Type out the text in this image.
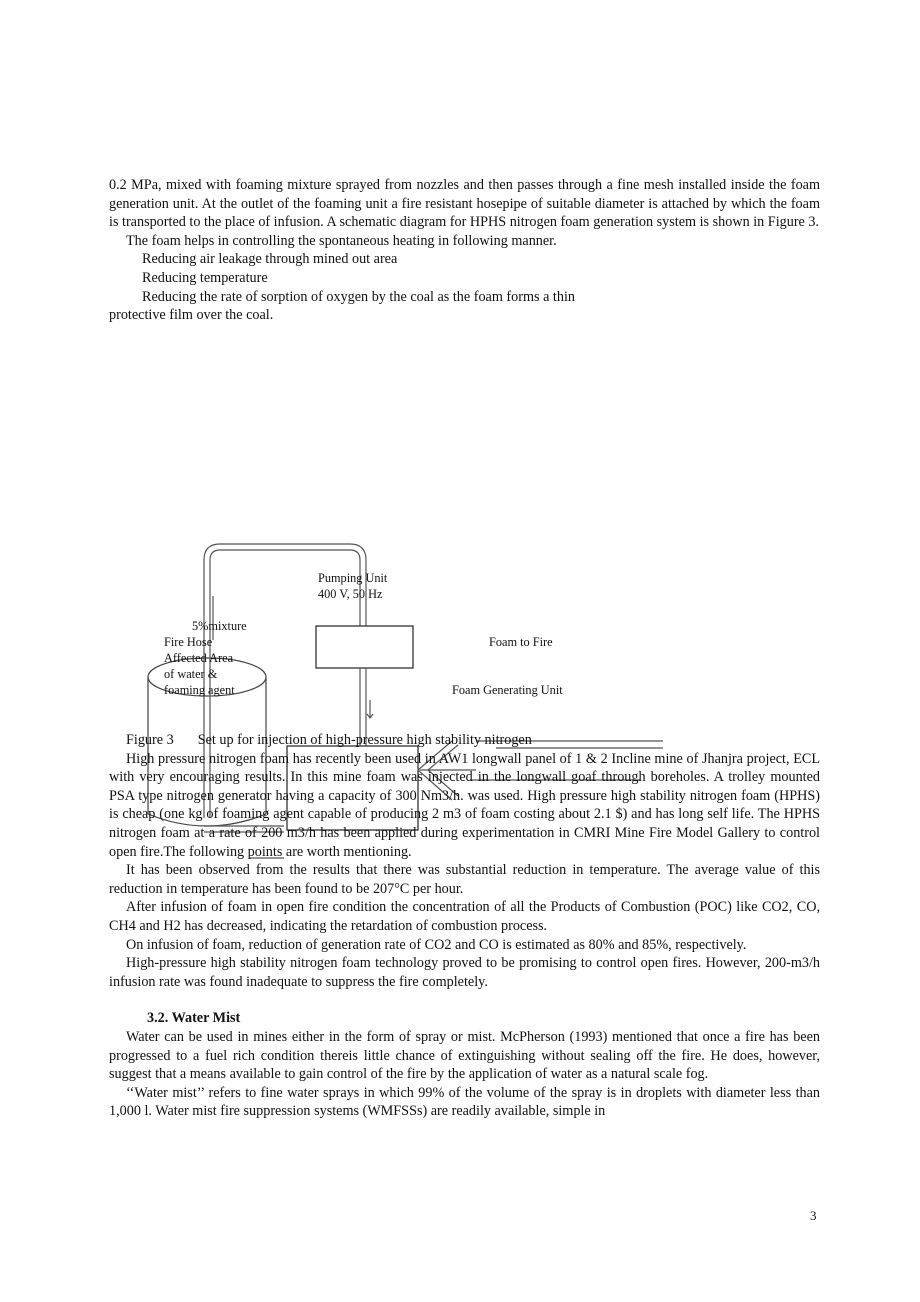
0.2 MPa, mixed with foaming mixture sprayed from nozzles and then passes through a fine mesh installed inside the foam generation unit. At the outlet of the foaming unit a fire resistant hosepipe of suitable diameter is attached by which the foam is transported to the place of infusion. A schematic diagram for HPHS nitrogen foam generation system is shown in Figure 3.

The foam helps in controlling the spontaneous heating in following manner.

Reducing air leakage through mined out area

Reducing temperature

Reducing the rate of sorption of oxygen by the coal as the foam forms a thin

protective film over the coal.

Pumping Unit
400 V, 50 Hz
5%mixture
Fire Hose
Affected Area
of water &
foaming agent
Foam to Fire
Foam Generating Unit

Figure 3 Set up for injection of high-pressure high stability nitrogen

High pressure nitrogen foam has recently been used in AW1 longwall panel of 1 & 2 Incline mine of Jhanjra project, ECL with very encouraging results. In this mine foam was injected in the longwall goaf through boreholes. A trolley mounted PSA type nitrogen generator having a capacity of 300 Nm3/h. was used. High pressure high stability nitrogen foam (HPHS) is cheap (one kg of foaming agent capable of producing 2 m3 of foam costing about 2.1 $) and has long self life. The HPHS nitrogen foam at a rate of 200 m3/h has been applied during experimentation in CMRI Mine Fire Model Gallery to control open fire.The following points are worth mentioning.

It has been observed from the results that there was substantial reduction in temperature. The average value of this reduction in temperature has been found to be 207°C per hour.

After infusion of foam in open fire condition the concentration of all the Products of Combustion (POC) like CO2, CO, CH4 and H2 has decreased, indicating the retardation of combustion process.

On infusion of foam, reduction of generation rate of CO2 and CO is estimated as 80% and 85%, respectively.

High-pressure high stability nitrogen foam technology proved to be promising to control open fires. However, 200-m3/h infusion rate was found inadequate to suppress the fire completely.

3.2. Water Mist

Water can be used in mines either in the form of spray or mist. McPherson (1993) mentioned that once a fire has been progressed to a fuel rich condition thereis little chance of extinguishing without sealing off the fire. He does, however, suggest that a means available to gain control of the fire by the application of water as a natural scale fog.

‘‘Water mist’’ refers to fine water sprays in which 99% of the volume of the spray is in droplets with diameter less than 1,000 l. Water mist fire suppression systems (WMFSSs) are readily available, simple in

3
